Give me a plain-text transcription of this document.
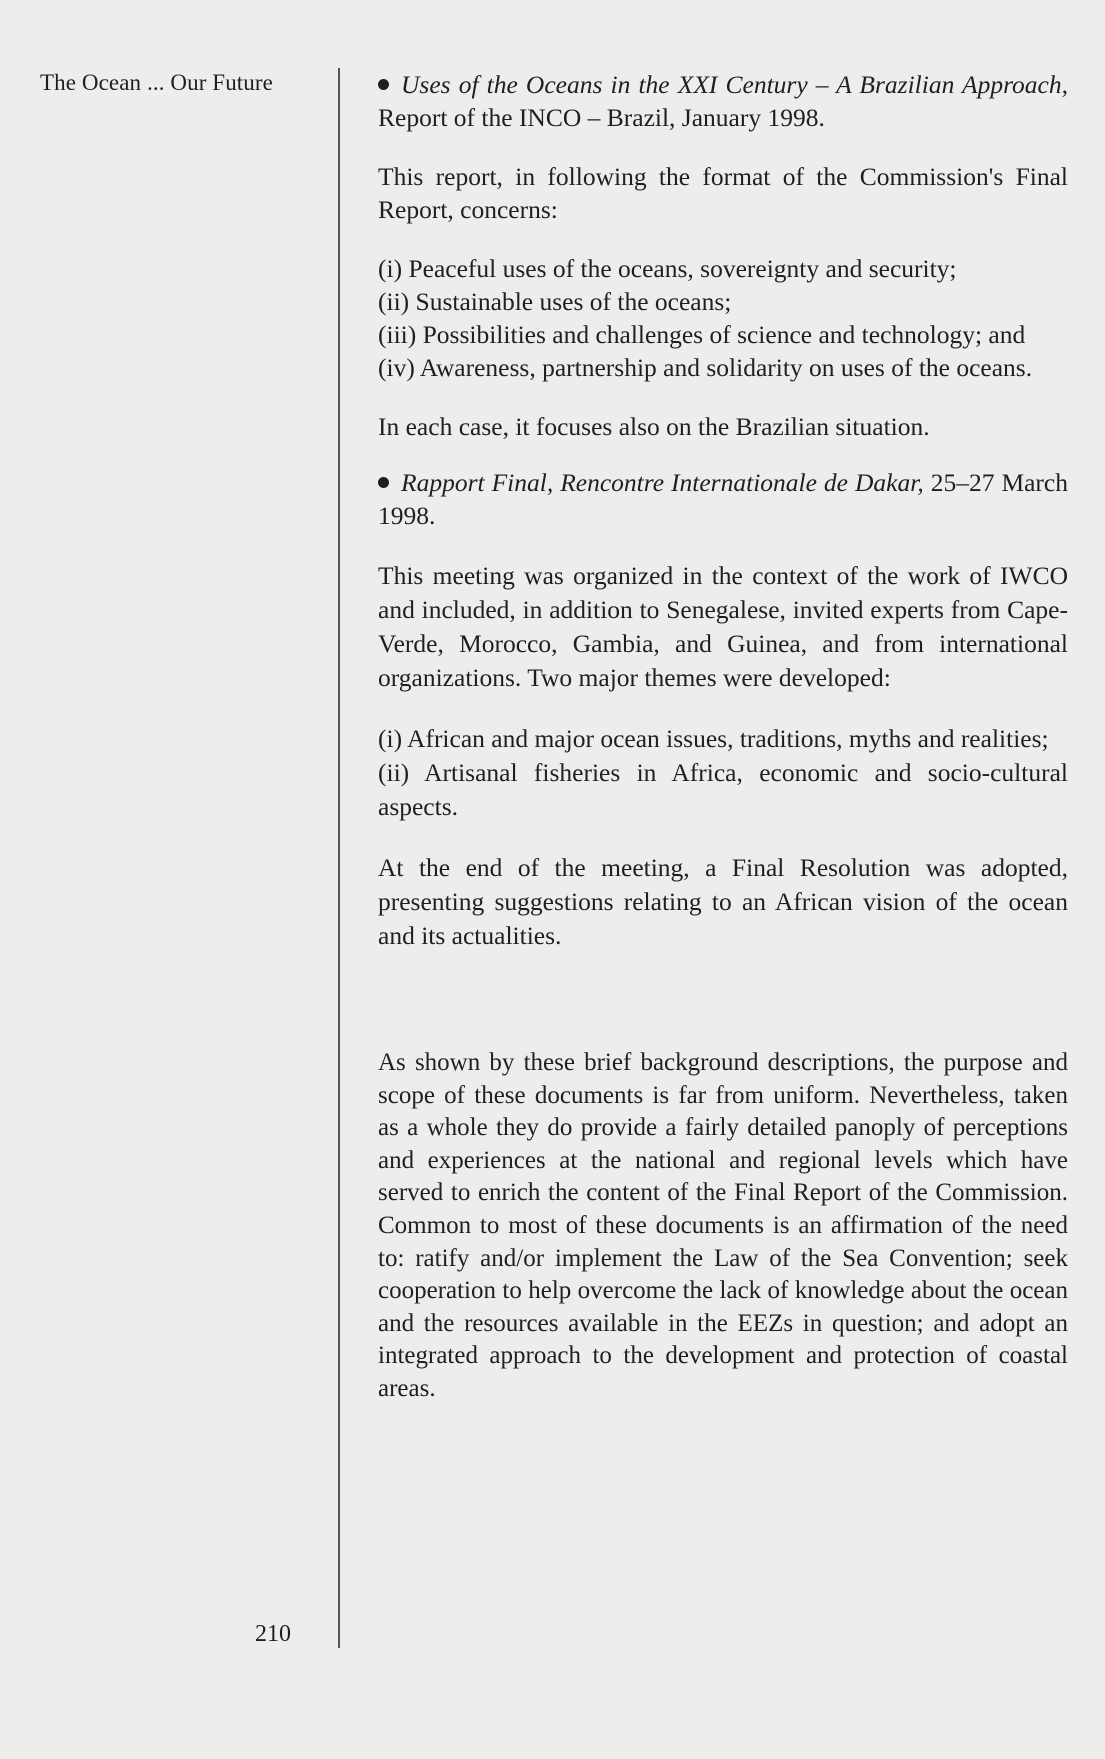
The Ocean ... Our Future
210

Uses of the Oceans in the XXI Century – A Brazilian Approach, Report of the INCO – Brazil, January 1998.

This report, in following the format of the Commission's Final Report, concerns:

(i) Peaceful uses of the oceans, sovereignty and security;
(ii) Sustainable uses of the oceans;
(iii) Possibilities and challenges of science and technology; and
(iv) Awareness, partnership and solidarity on uses of the oceans.

In each case, it focuses also on the Brazilian situation.

Rapport Final, Rencontre Internationale de Dakar, 25–27 March 1998.

This meeting was organized in the context of the work of IWCO and included, in addition to Senegalese, invited experts from Cape-Verde, Morocco, Gambia, and Guinea, and from international organizations. Two major themes were developed:

(i) African and major ocean issues, traditions, myths and realities;
(ii) Artisanal fisheries in Africa, economic and socio-cultural aspects.

At the end of the meeting, a Final Resolution was adopted, presenting suggestions relating to an African vision of the ocean and its actualities.

As shown by these brief background descriptions, the purpose and scope of these documents is far from uniform. Nevertheless, taken as a whole they do provide a fairly detailed panoply of perceptions and experiences at the national and regional levels which have served to enrich the content of the Final Report of the Commission. Common to most of these documents is an affirmation of the need to: ratify and/or implement the Law of the Sea Convention; seek cooperation to help overcome the lack of knowledge about the ocean and the resources available in the EEZs in question; and adopt an integrated approach to the development and protection of coastal areas.
